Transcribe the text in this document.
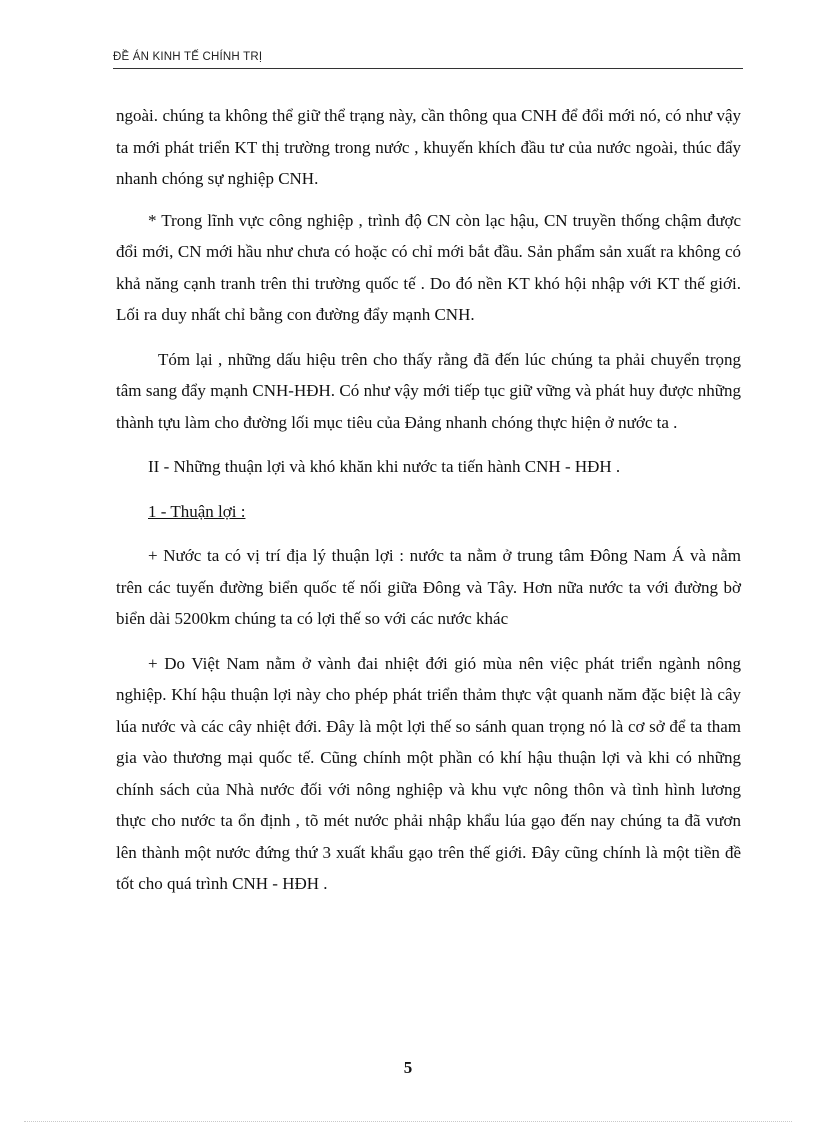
ĐỀ ÁN KINH TẾ CHÍNH TRỊ

ngoài. chúng ta không thể giữ thể trạng này, cần thông qua CNH để đổi mới nó, có như vậy ta mới phát triển KT thị trường trong nước , khuyến khích đầu tư của nước ngoài, thúc đẩy nhanh chóng sự nghiệp CNH.

* Trong lĩnh vực công nghiệp , trình độ CN còn lạc hậu, CN truyền thống chậm được đổi mới, CN mới hầu như chưa có hoặc có chỉ mới bắt đầu. Sản phẩm sản xuất ra không có khả năng cạnh tranh trên thi trường quốc tế . Do đó nền KT khó hội nhập với KT thế giới. Lối ra duy nhất chỉ bằng con đường đẩy mạnh CNH.

Tóm lại , những dấu hiệu trên cho thấy rằng đã đến lúc chúng ta phải chuyển trọng tâm sang đẩy mạnh CNH-HĐH. Có như vậy mới tiếp tục giữ vững và phát huy được những thành tựu làm cho đường lối mục tiêu của Đảng nhanh chóng thực hiện ở nước ta .

II - Những thuận lợi và khó khăn khi nước ta tiến hành CNH - HĐH .

1 - Thuận lợi :

+ Nước ta có vị trí địa lý thuận lợi : nước ta nằm ở trung tâm Đông Nam Á và nằm trên các tuyến đường biển quốc tế nối giữa Đông và Tây. Hơn nữa nước ta với đường bờ biển dài 5200km chúng ta có lợi thế so với các nước khác

+ Do Việt Nam nằm ở vành đai nhiệt đới gió mùa nên việc phát triển ngành nông nghiệp. Khí hậu thuận lợi này cho phép phát triển thảm thực vật quanh năm đặc biệt là cây lúa nước và các cây nhiệt đới. Đây là một lợi thế so sánh quan trọng nó là cơ sở để ta tham gia vào thương mại quốc tế. Cũng chính một phần có khí hậu thuận lợi và khi có những chính sách của Nhà nước đối với nông nghiệp và khu vực nông thôn và tình hình lương thực cho nước ta ổn định , tõ mét nước phải nhập khẩu lúa gạo đến nay chúng ta đã vươn lên thành một nước đứng thứ 3 xuất khẩu gạo trên thế giới. Đây cũng chính là một tiền đề tốt cho quá trình CNH - HĐH .

5
